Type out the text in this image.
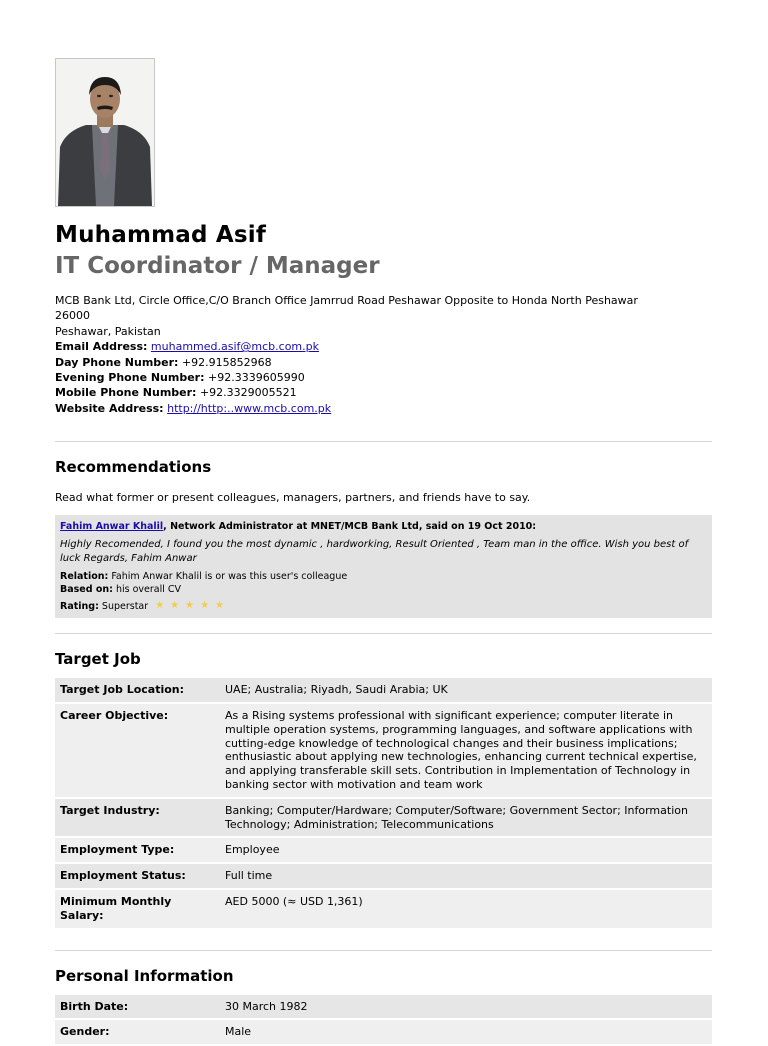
Muhammad Asif
IT Coordinator / Manager
MCB Bank Ltd, Circle Office,C/O Branch Office Jamrrud Road Peshawar Opposite to Honda North Peshawar
26000
Peshawar, Pakistan
Email Address: muhammed.asif@mcb.com.pk
Day Phone Number: +92.915852968
Evening Phone Number: +92.3339605990
Mobile Phone Number: +92.3329005521
Website Address: http://http:..www.mcb.com.pk
Recommendations
Read what former or present colleagues, managers, partners, and friends have to say.
Fahim Anwar Khalil, Network Administrator at MNET/MCB Bank Ltd, said on 19 Oct 2010:
Highly Recomended, I found you the most dynamic , hardworking, Result Oriented , Team man in the office. Wish you best of luck Regards, Fahim Anwar
Relation: Fahim Anwar Khalil is or was this user's colleague
Based on: his overall CV
Rating: Superstar ★ ★ ★ ★ ★
Target Job
Target Job Location:	UAE; Australia; Riyadh, Saudi Arabia; UK
Career Objective:	As a Rising systems professional with significant experience; computer literate in multiple operation systems, programming languages, and software applications with cutting-edge knowledge of technological changes and their business implications; enthusiastic about applying new technologies, enhancing current technical expertise, and applying transferable skill sets. Contribution in Implementation of Technology in banking sector with motivation and team work
Target Industry:	Banking; Computer/Hardware; Computer/Software; Government Sector; Information Technology; Administration; Telecommunications
Employment Type:	Employee
Employment Status:	Full time
Minimum Monthly Salary:	AED 5000 (≈ USD 1,361)
Personal Information
Birth Date:	30 March 1982
Gender:	Male
